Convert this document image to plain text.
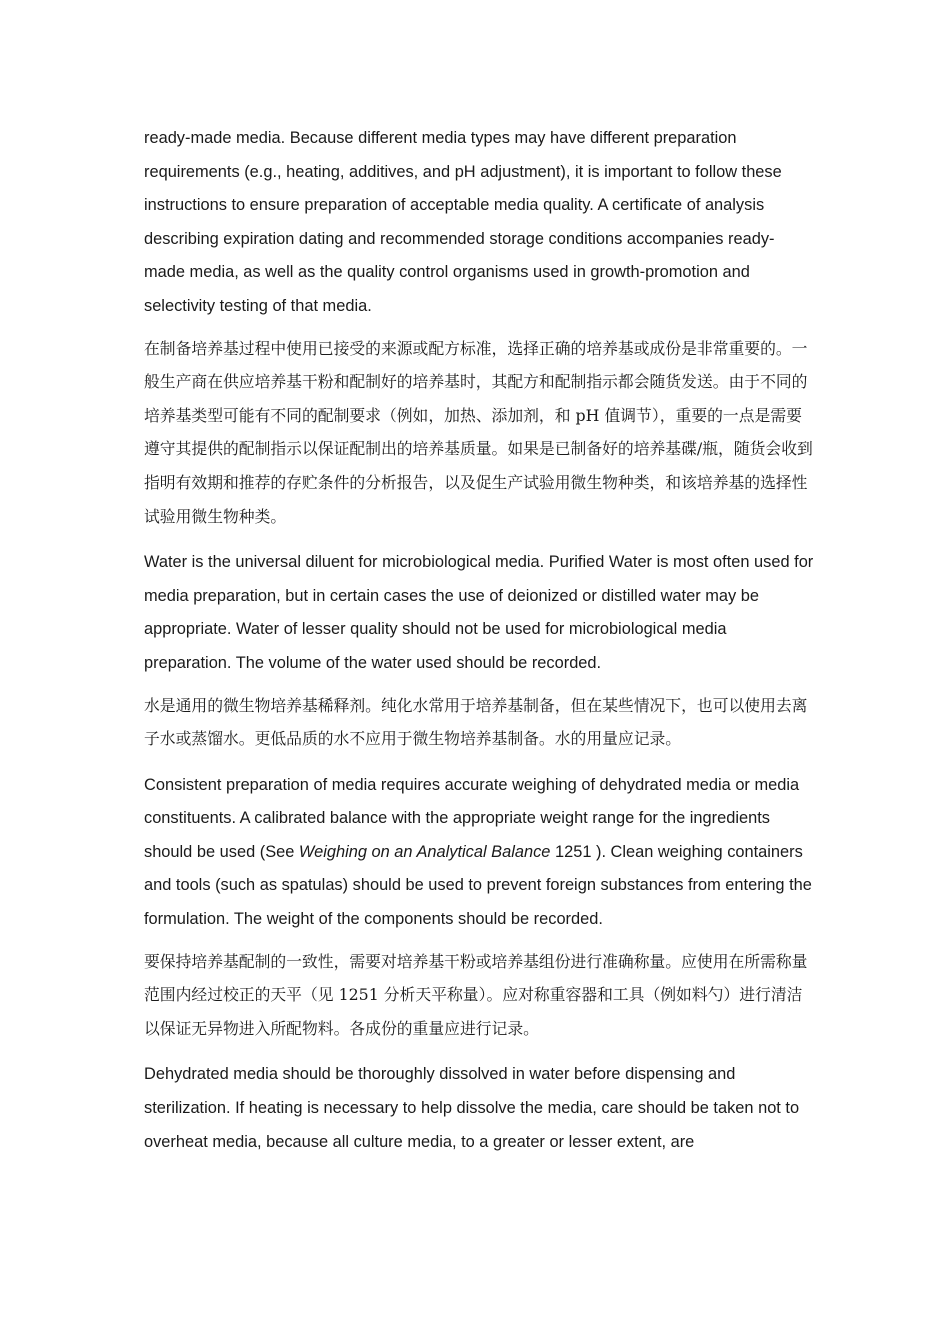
ready-made media. Because different media types may have different preparation requirements (e.g., heating, additives, and pH adjustment), it is important to follow these instructions to ensure preparation of acceptable media quality. A certificate of analysis describing expiration dating and recommended storage conditions accompanies ready-made media, as well as the quality control organisms used in growth-promotion and selectivity testing of that media.

在制备培养基过程中使用已接受的来源或配方标准，选择正确的培养基或成份是非常重要的。一般生产商在供应培养基干粉和配制好的培养基时，其配方和配制指示都会随货发送。由于不同的培养基类型可能有不同的配制要求（例如，加热、添加剂，和 pH 值调节），重要的一点是需要遵守其提供的配制指示以保证配制出的培养基质量。如果是已制备好的培养基碟/瓶，随货会收到指明有效期和推荐的存贮条件的分析报告，以及促生产试验用微生物种类，和该培养基的选择性试验用微生物种类。

Water is the universal diluent for microbiological media. Purified Water is most often used for media preparation, but in certain cases the use of deionized or distilled water may be appropriate. Water of lesser quality should not be used for microbiological media preparation. The volume of the water used should be recorded.

水是通用的微生物培养基稀释剂。纯化水常用于培养基制备，但在某些情况下，也可以使用去离子水或蒸馏水。更低品质的水不应用于微生物培养基制备。水的用量应记录。

Consistent preparation of media requires accurate weighing of dehydrated media or media constituents. A calibrated balance with the appropriate weight range for the ingredients should be used (See Weighing on an Analytical Balance 1251 ). Clean weighing containers and tools (such as spatulas) should be used to prevent foreign substances from entering the formulation. The weight of the components should be recorded.

要保持培养基配制的一致性，需要对培养基干粉或培养基组份进行准确称量。应使用在所需称量范围内经过校正的天平（见 1251 分析天平称量）。应对称重容器和工具（例如料勺）进行清洁以保证无异物进入所配物料。各成份的重量应进行记录。

Dehydrated media should be thoroughly dissolved in water before dispensing and sterilization. If heating is necessary to help dissolve the media, care should be taken not to overheat media, because all culture media, to a greater or lesser extent, are
